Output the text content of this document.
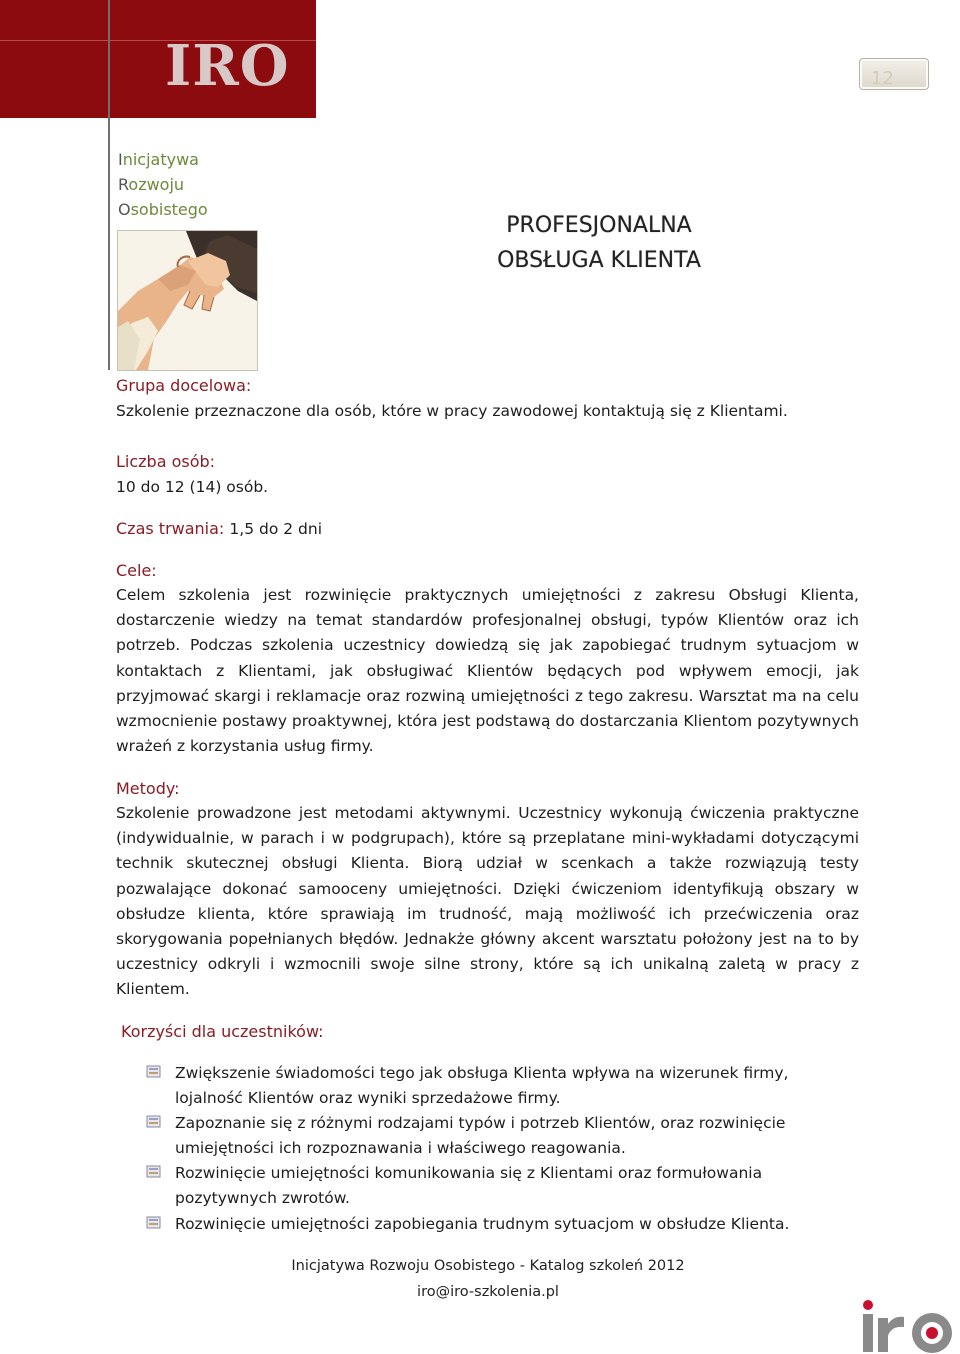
IRO	12
Inicjatywa
Rozwoju
Osobistego
PROFESJONALNA
OBSŁUGA KLIENTA
Grupa docelowa:
Szkolenie przeznaczone dla osób, które w pracy zawodowej kontaktują się z Klientami.
Liczba osób:
10 do 12 (14) osób.
Czas trwania: 1,5 do 2 dni
Cele:
Celem szkolenia jest rozwinięcie praktycznych umiejętności z zakresu Obsługi Klienta, dostarczenie wiedzy na temat standardów profesjonalnej obsługi, typów Klientów oraz ich potrzeb. Podczas szkolenia uczestnicy dowiedzą się jak zapobiegać trudnym sytuacjom w kontaktach z Klientami, jak obsługiwać Klientów będących pod wpływem emocji, jak przyjmować skargi i reklamacje oraz rozwiną umiejętności z tego zakresu. Warsztat ma na celu wzmocnienie postawy proaktywnej, która jest podstawą do dostarczania Klientom pozytywnych wrażeń z korzystania usług firmy.
Metody:
Szkolenie prowadzone jest metodami aktywnymi. Uczestnicy wykonują ćwiczenia praktyczne (indywidualnie, w parach i w podgrupach), które są przeplatane mini-wykładami dotyczącymi technik skutecznej obsługi Klienta. Biorą udział w scenkach a także rozwiązują testy pozwalające dokonać samooceny umiejętności. Dzięki ćwiczeniom identyfikują obszary w obsłudze klienta, które sprawiają im trudność, mają możliwość ich przećwiczenia oraz skorygowania popełnianych błędów. Jednakże główny akcent warsztatu położony jest na to by uczestnicy odkryli i wzmocnili swoje silne strony, które są ich unikalną zaletą w pracy z Klientem.
Korzyści dla uczestników:
Zwiększenie świadomości tego jak obsługa Klienta wpływa na wizerunek firmy, lojalność Klientów oraz wyniki sprzedażowe firmy.
Zapoznanie się z różnymi rodzajami typów i potrzeb Klientów, oraz rozwinięcie umiejętności ich rozpoznawania i właściwego reagowania.
Rozwinięcie umiejętności komunikowania się z Klientami oraz formułowania pozytywnych zwrotów.
Rozwinięcie umiejętności zapobiegania trudnym sytuacjom w obsłudze Klienta.
Inicjatywa Rozwoju Osobistego - Katalog szkoleń 2012
iro@iro-szkolenia.pl
